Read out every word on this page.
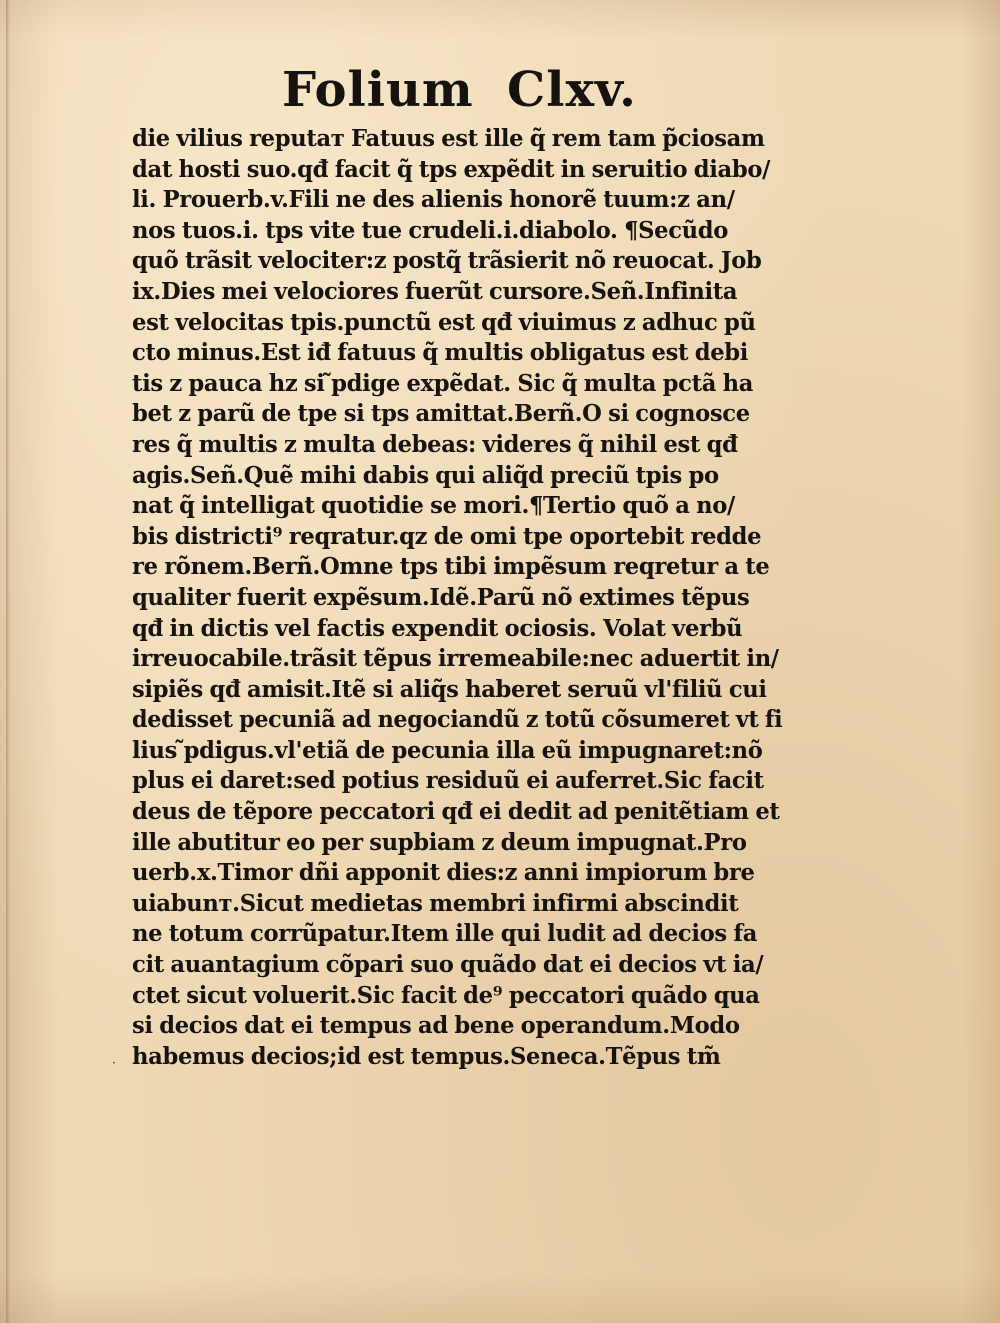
Folium Clxv.
die vilius reputaт Fatuus est ille q̃ rem tam p̃ciosam
dat hosti suo.qđ facit q̃ tps expẽdit in seruitio diabo/
li. Prouerb.v.Fili ne des alienis honorẽ tuum:z an/
nos tuos.i. tps vite tue crudeli.i.diabolo. ¶Secũdo
quõ trãsit velociter:z postq̃ trãsierit nõ reuocat. Job
ix.Dies mei velociores fuerũt cursore.Señ.Infinita
est velocitas tpis.punctũ est qđ viuimus z adhuc pũ
cto minus.Est iđ fatuus q̃ multis obligatus est debi
tis z pauca hz si ̃pdige expẽdat. Sic q̃ multa pctã ha
bet z parũ de tpe si tps amittat.Berñ.O si cognosce
res q̃ multis z multa debeas: videres q̃ nihil est qđ
agis.Señ.Quẽ mihi dabis qui aliq̃d preciũ tpis po
nat q̃ intelligat quotidie se mori.¶Tertio quõ a no/
bis districti⁹ reqratur.qz de omi tpe oportebit redde
re rõnem.Berñ.Omne tps tibi impẽsum reqretur a te
qualiter fuerit expẽsum.Idẽ.Parũ nõ extimes tẽpus
qđ in dictis vel factis expendit ociosis. Volat verbũ
irreuocabile.trãsit tẽpus irremeabile:nec aduertit in/
sipiẽs qđ amisit.Itẽ si aliq̃s haberet seruũ vl'filiũ cui
dedisset pecuniã ad negociandũ z totũ cõsumeret vt fi
lius ̃pdigus.vl'etiã de pecunia illa eũ impugnaret:nõ
plus ei daret:sed potius residuũ ei auferret.Sic facit
deus de tẽpore peccatori qđ ei dedit ad penitẽtiam et
ille abutitur eo per supbiam z deum impugnat.Pro
uerb.x.Timor dñi apponit dies:z anni impiorum bre
uiabunт.Sicut medietas membri infirmi abscindit
ne totum corrũpatur.Item ille qui ludit ad decios fa
cit auantagium cõpari suo quãdo dat ei decios vt ia/
ctet sicut voluerit.Sic facit de⁹ peccatori quãdo qua
si decios dat ei tempus ad bene operandum.Modo
habemus decios;id est tempus.Seneca.Tẽpus tm̃
·
